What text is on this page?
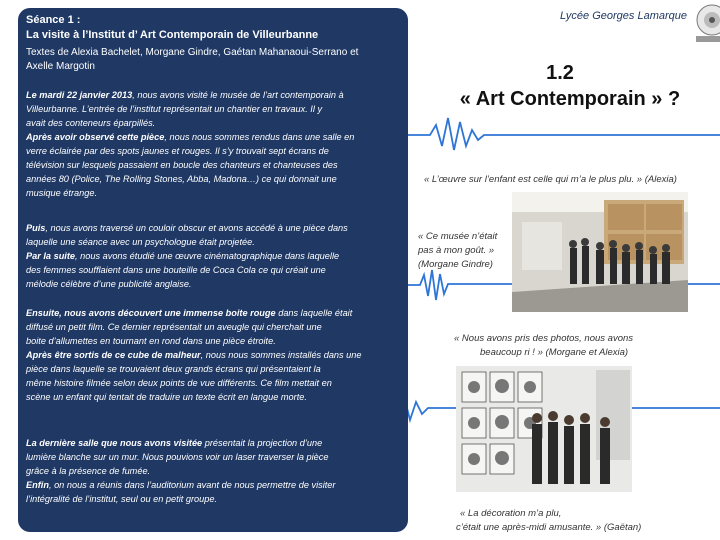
Séance 1 :
La visite à l’Institut d’ Art Contemporain de Villeurbanne
Textes de Alexia Bachelet, Morgane Gindre, Gaétan Mahanaoui-Serrano et
Axelle Margotin
Le mardi 22 janvier 2013, nous avons visité le musée de l’art contemporain à
Villeurbanne. L’entrée de l’institut représentait un chantier en travaux. Il y
avait des conteneurs éparpillés.
Après avoir observé cette pièce, nous nous sommes rendus dans une salle en
verre éclairée par des spots jaunes et rouges. Il s’y trouvait sept écrans de
télévision sur lesquels passaient en boucle des chanteurs et chanteuses des
années 80 (Police, The Rolling Stones, Abba, Madona…) ce qui donnait une
musique étrange.
Puis, nous avons traversé un couloir obscur et avons accédé à une pièce dans
laquelle une séance avec un psychologue était projetée.
Par la suite, nous avons étudié une œuvre cinématographique dans laquelle
des femmes soufflaient dans une bouteille de Coca Cola ce qui créait une
mélodie célèbre d’une publicité anglaise.
Ensuite, nous avons découvert une immense boite rouge dans laquelle était
diffusé un petit film. Ce dernier représentait un aveugle qui cherchait une
boite d’allumettes en tournant en rond dans une pièce étroite.
Après être sortis de ce cube de malheur, nous nous sommes installés dans une
pièce dans laquelle se trouvaient deux grands écrans qui présentaient la
même histoire filmée selon deux points de vue différents. Ce film mettait en
scène un enfant qui tentait de traduire un texte écrit en langue morte.
La dernière salle que nous avons visitée présentait la projection d’une
lumière blanche sur un mur. Nous pouvions voir un laser traverser la pièce
grâce à la présence de fumée.
Enfin, on nous a réunis dans l’auditorium avant de nous permettre de visiter
l’intégralité de l’institut, seul ou en petit groupe.
Lycée Georges Lamarque
1.2
« Art Contemporain » ?
« L’œuvre sur l’enfant est celle qui m’a le plus plu. » (Alexia)
« Ce musée n’était
pas à mon goût. »
(Morgane Gindre)
« Nous avons pris des photos, nous avons
beaucoup ri ! » (Morgane et Alexia)
« La décoration m’a plu,
c’était une après-midi amusante. » (Gaëtan)
